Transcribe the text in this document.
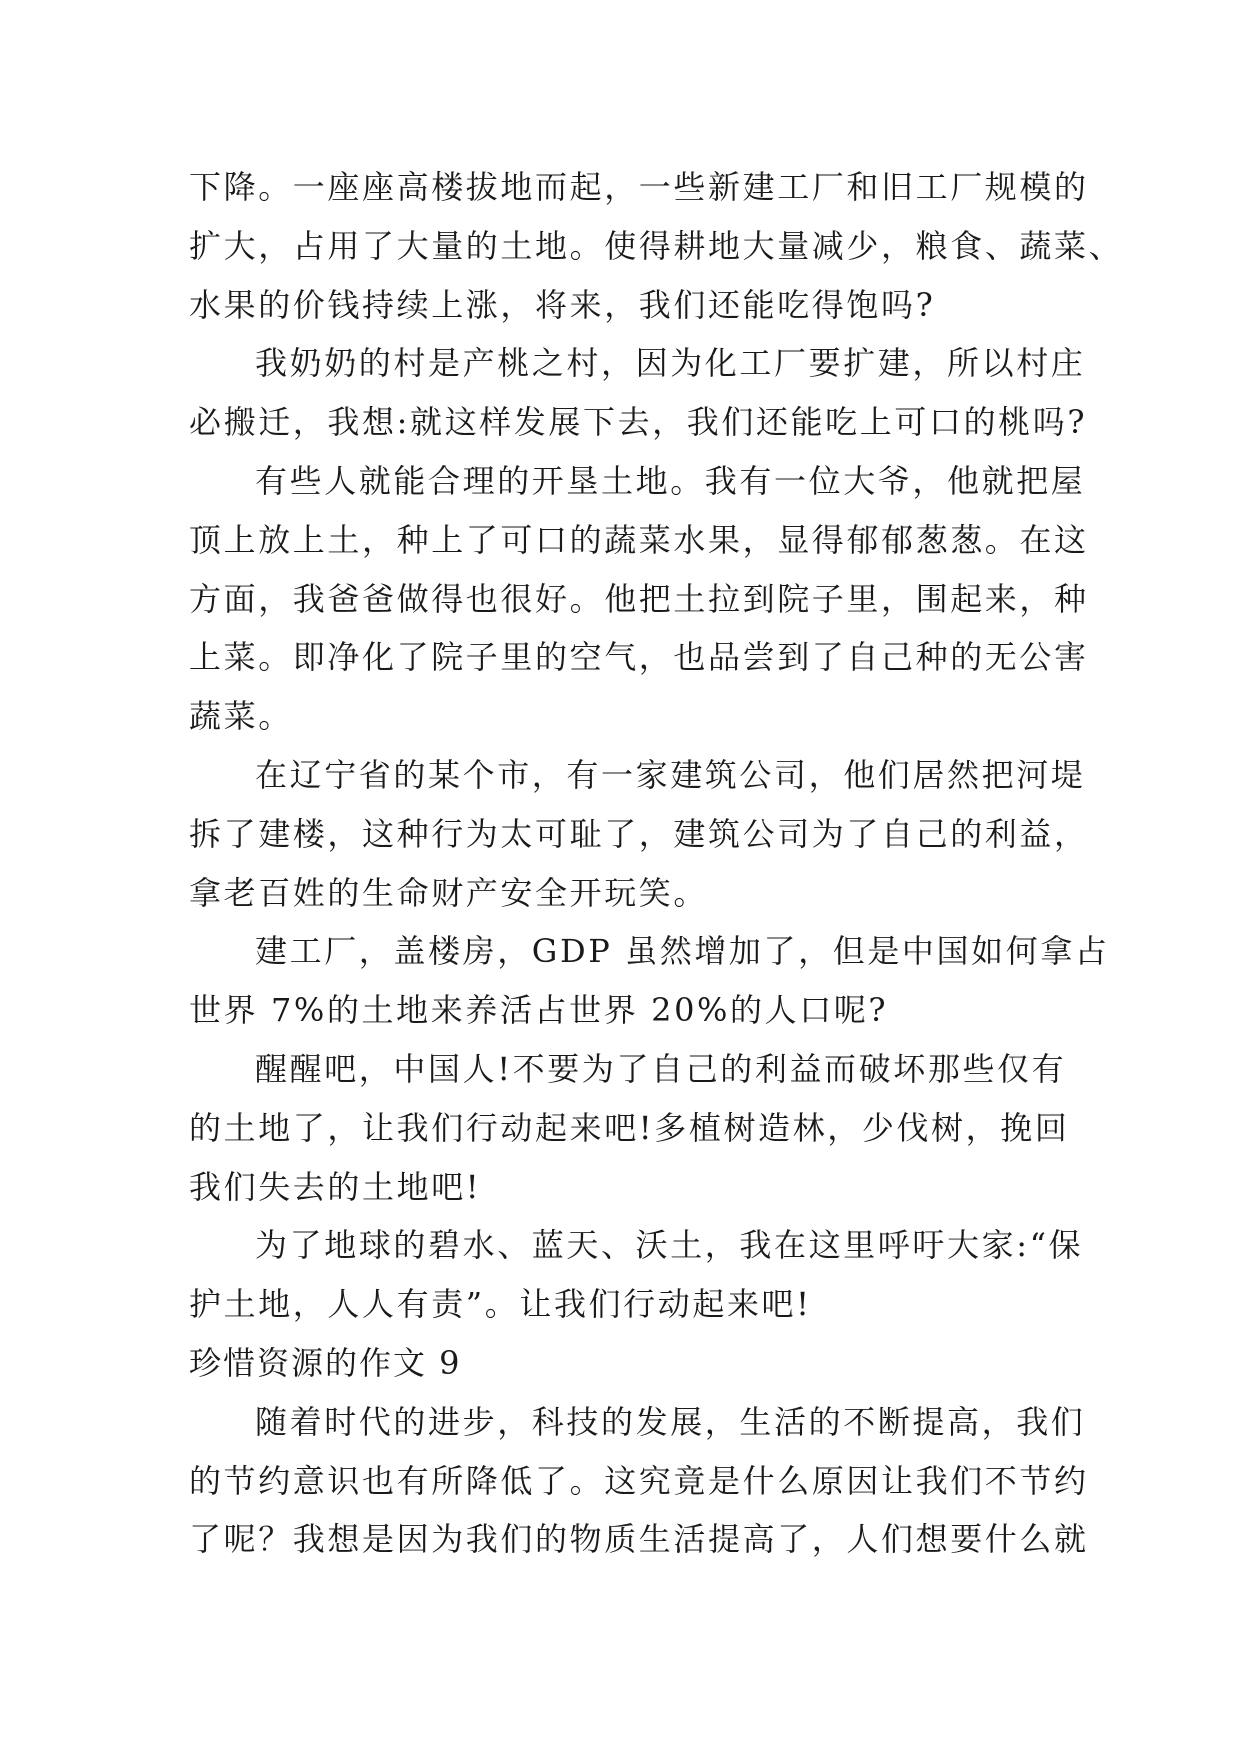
下降。一座座高楼拔地而起，一些新建工厂和旧工厂规模的
扩大，占用了大量的土地。使得耕地大量减少，粮食、蔬菜、
水果的价钱持续上涨，将来，我们还能吃得饱吗?
我奶奶的村是产桃之村，因为化工厂要扩建，所以村庄
必搬迁，我想:就这样发展下去，我们还能吃上可口的桃吗?
有些人就能合理的开垦土地。我有一位大爷，他就把屋
顶上放上土，种上了可口的蔬菜水果，显得郁郁葱葱。在这
方面，我爸爸做得也很好。他把土拉到院子里，围起来，种
上菜。即净化了院子里的空气，也品尝到了自己种的无公害
蔬菜。
在辽宁省的某个市，有一家建筑公司，他们居然把河堤
拆了建楼，这种行为太可耻了，建筑公司为了自己的利益，
拿老百姓的生命财产安全开玩笑。
建工厂，盖楼房，GDP 虽然增加了，但是中国如何拿占
世界 7%的土地来养活占世界 20%的人口呢?
醒醒吧，中国人!不要为了自己的利益而破坏那些仅有
的土地了，让我们行动起来吧!多植树造林，少伐树，挽回
我们失去的土地吧!
为了地球的碧水、蓝天、沃土，我在这里呼吁大家:“保
护土地，人人有责”。让我们行动起来吧!
珍惜资源的作文 9
随着时代的进步，科技的发展，生活的不断提高，我们
的节约意识也有所降低了。这究竟是什么原因让我们不节约
了呢？我想是因为我们的物质生活提高了，人们想要什么就
